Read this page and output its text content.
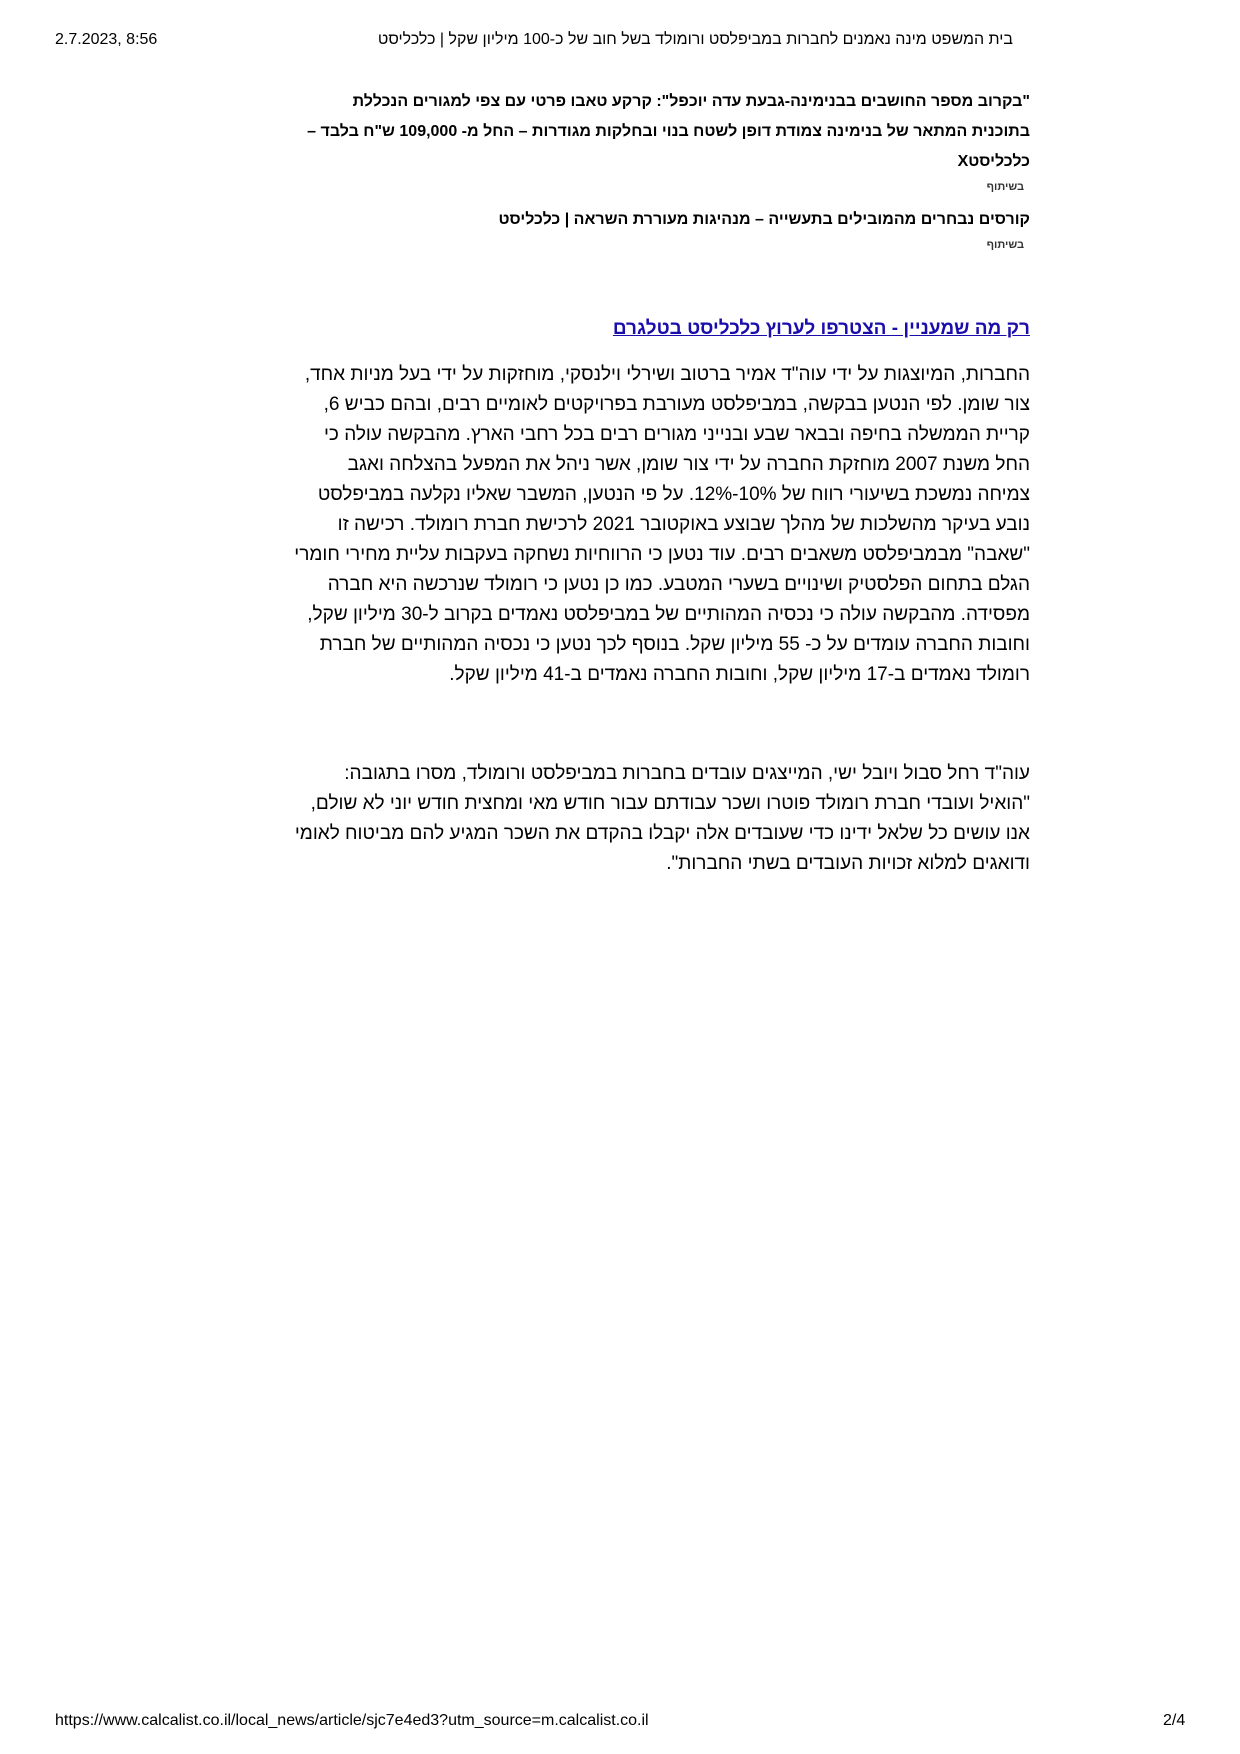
2.7.2023, 8:56	בית המשפט מינה נאמנים לחברות במביפלסט ורומולד בשל חוב של כ-100 מיליון שקל | כלכליסט
"בקרוב מספר החושבים בבנימינה-גבעת עדה יוכפל": קרקע טאבו פרטי עם צפי למגורים הנכללת בתוכנית המתאר של בנימינה צמודת דופן לשטח בנוי ובחלקות מגודרות – החל מ- 109,000 ש"ח בלבד – כלכליסטX
בשיתוף
קורסים נבחרים מהמובילים בתעשייה – מנהיגות מעוררת השראה | כלכליסט
בשיתוף
רק מה שמעניין - הצטרפו לערוץ כלכליסט בטלגרם

החברות, המיוצגות על ידי עוה"ד אמיר ברטוב ושירלי וילנסקי, מוחזקות על ידי בעל מניות אחד, צור שומן. לפי הנטען בבקשה, במביפלסט מעורבת בפרויקטים לאומיים רבים, ובהם כביש 6, קריית הממשלה בחיפה ובבאר שבע ובנייני מגורים רבים בכל רחבי הארץ. מהבקשה עולה כי החל משנת 2007 מוחזקת החברה על ידי צור שומן, אשר ניהל את המפעל בהצלחה ואגב צמיחה נמשכת בשיעורי רווח של 10%-12%. על פי הנטען, המשבר שאליו נקלעה במביפלסט נובע בעיקר מהשלכות של מהלך שבוצע באוקטובר 2021 לרכישת חברת רומולד. רכישה זו "שאבה" מבמביפלסט משאבים רבים. עוד נטען כי הרווחיות נשחקה בעקבות עליית מחירי חומרי הגלם בתחום הפלסטיק ושינויים בשערי המטבע. כמו כן נטען כי רומולד שנרכשה היא חברה מפסידה. מהבקשה עולה כי נכסיה המהותיים של במביפלסט נאמדים בקרוב ל-30 מיליון שקל, וחובות החברה עומדים על כ- 55 מיליון שקל. בנוסף לכך נטען כי נכסיה המהותיים של חברת רומולד נאמדים ב-17 מיליון שקל, וחובות החברה נאמדים ב-41 מיליון שקל.

עוה"ד רחל סבול ויובל ישי, המייצגים עובדים בחברות במביפלסט ורומולד, מסרו בתגובה: "הואיל ועובדי חברת רומולד פוטרו ושכר עבודתם עבור חודש מאי ומחצית חודש יוני לא שולם, אנו עושים כל שלאל ידינו כדי שעובדים אלה יקבלו בהקדם את השכר המגיע להם מביטוח לאומי ודואגים למלוא זכויות העובדים בשתי החברות".

https://www.calcalist.co.il/local_news/article/sjc7e4ed3?utm_source=m.calcalist.co.il	2/4
